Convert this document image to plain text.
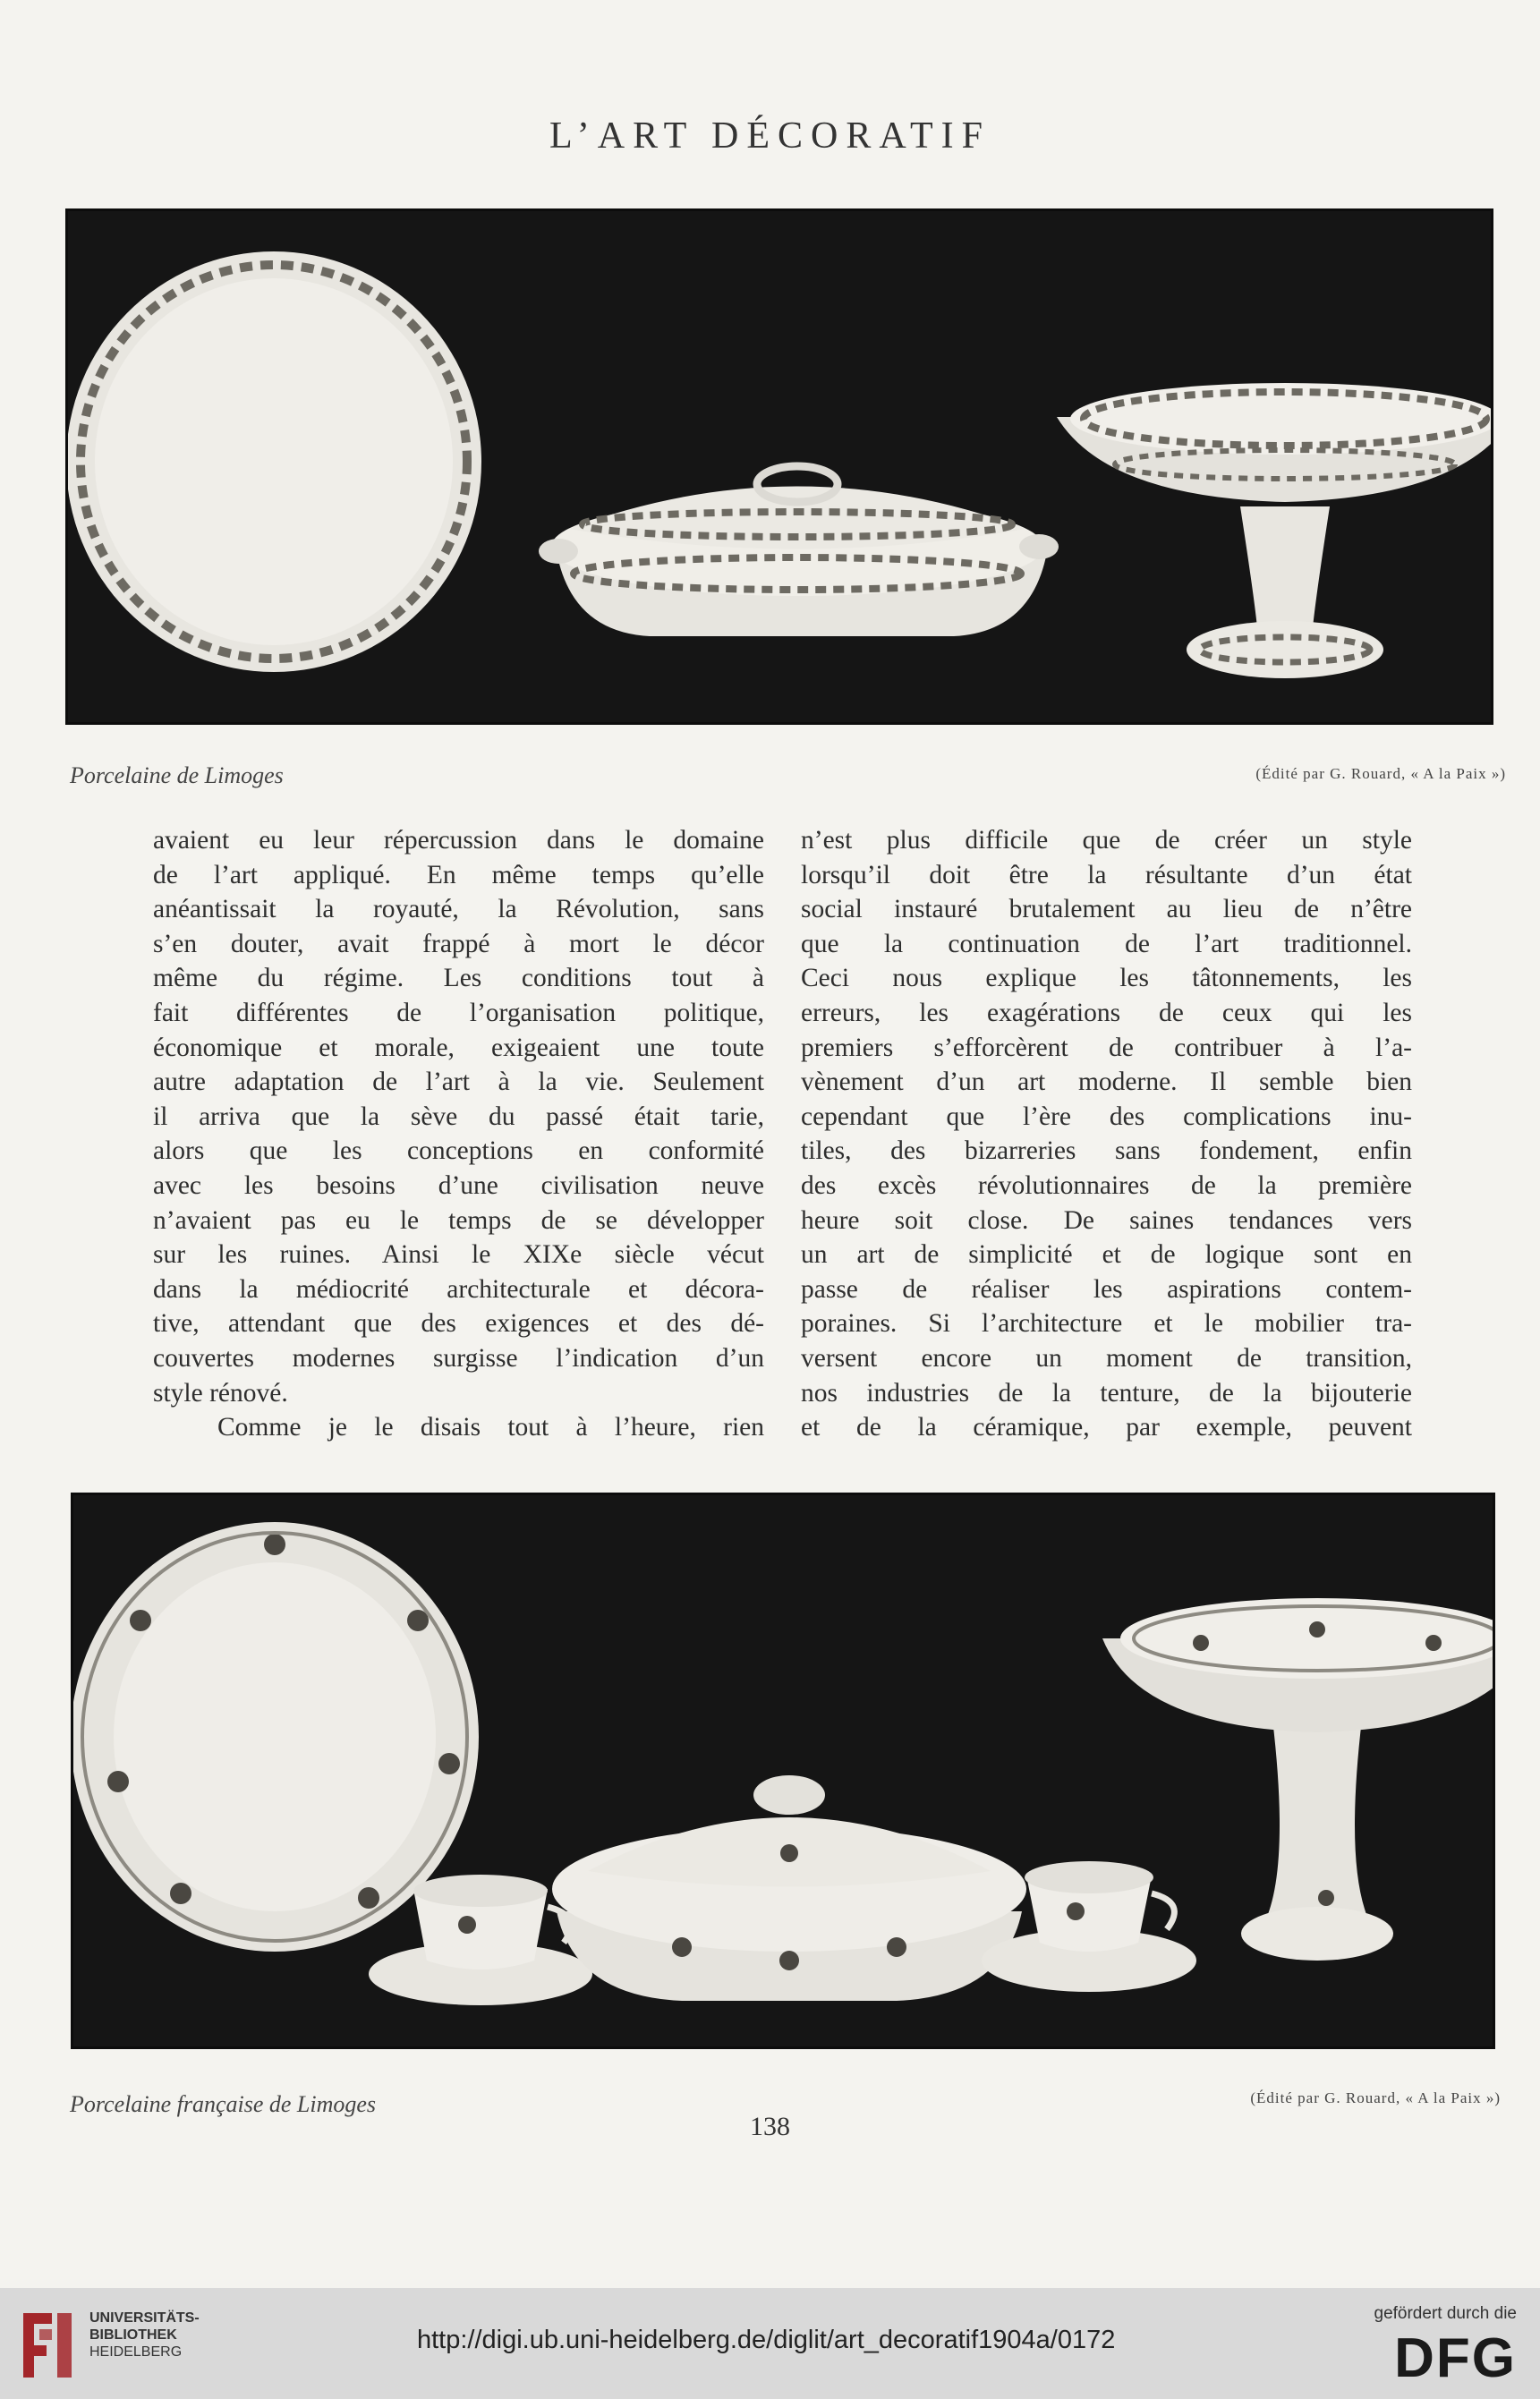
L’ART DÉCORATIF
Porcelaine de Limoges	(Édité par G. Rouard, « A la Paix »)
avaient eu leur répercussion dans le domaine
de l’art appliqué. En même temps qu’elle
anéantissait la royauté, la Révolution, sans
s’en douter, avait frappé à mort le décor
même du régime. Les conditions tout à
fait différentes de l’organisation politique,
économique et morale, exigeaient une toute
autre adaptation de l’art à la vie. Seulement
il arriva que la sève du passé était tarie,
alors que les conceptions en conformité
avec les besoins d’une civilisation neuve
n’avaient pas eu le temps de se développer
sur les ruines. Ainsi le XIXe siècle vécut
dans la médiocrité architecturale et décora-
tive, attendant que des exigences et des dé-
couvertes modernes surgisse l’indication d’un
style rénové.
Comme je le disais tout à l’heure, rien
n’est plus difficile que de créer un style
lorsqu’il doit être la résultante d’un état
social instauré brutalement au lieu de n’être
que la continuation de l’art traditionnel.
Ceci nous explique les tâtonnements, les
erreurs, les exagérations de ceux qui les
premiers s’efforcèrent de contribuer à l’a-
vènement d’un art moderne. Il semble bien
cependant que l’ère des complications inu-
tiles, des bizarreries sans fondement, enfin
des excès révolutionnaires de la première
heure soit close. De saines tendances vers
un art de simplicité et de logique sont en
passe de réaliser les aspirations contem-
poraines. Si l’architecture et le mobilier tra-
versent encore un moment de transition,
nos industries de la tenture, de la bijouterie
et de la céramique, par exemple, peuvent
Porcelaine française de Limoges	(Édité par G. Rouard, « A la Paix »)
138
UNIVERSITÄTS-
BIBLIOTHEK
HEIDELBERG	http://digi.ub.uni-heidelberg.de/diglit/art_decoratif1904a/0172
gefördert durch die
DFG
